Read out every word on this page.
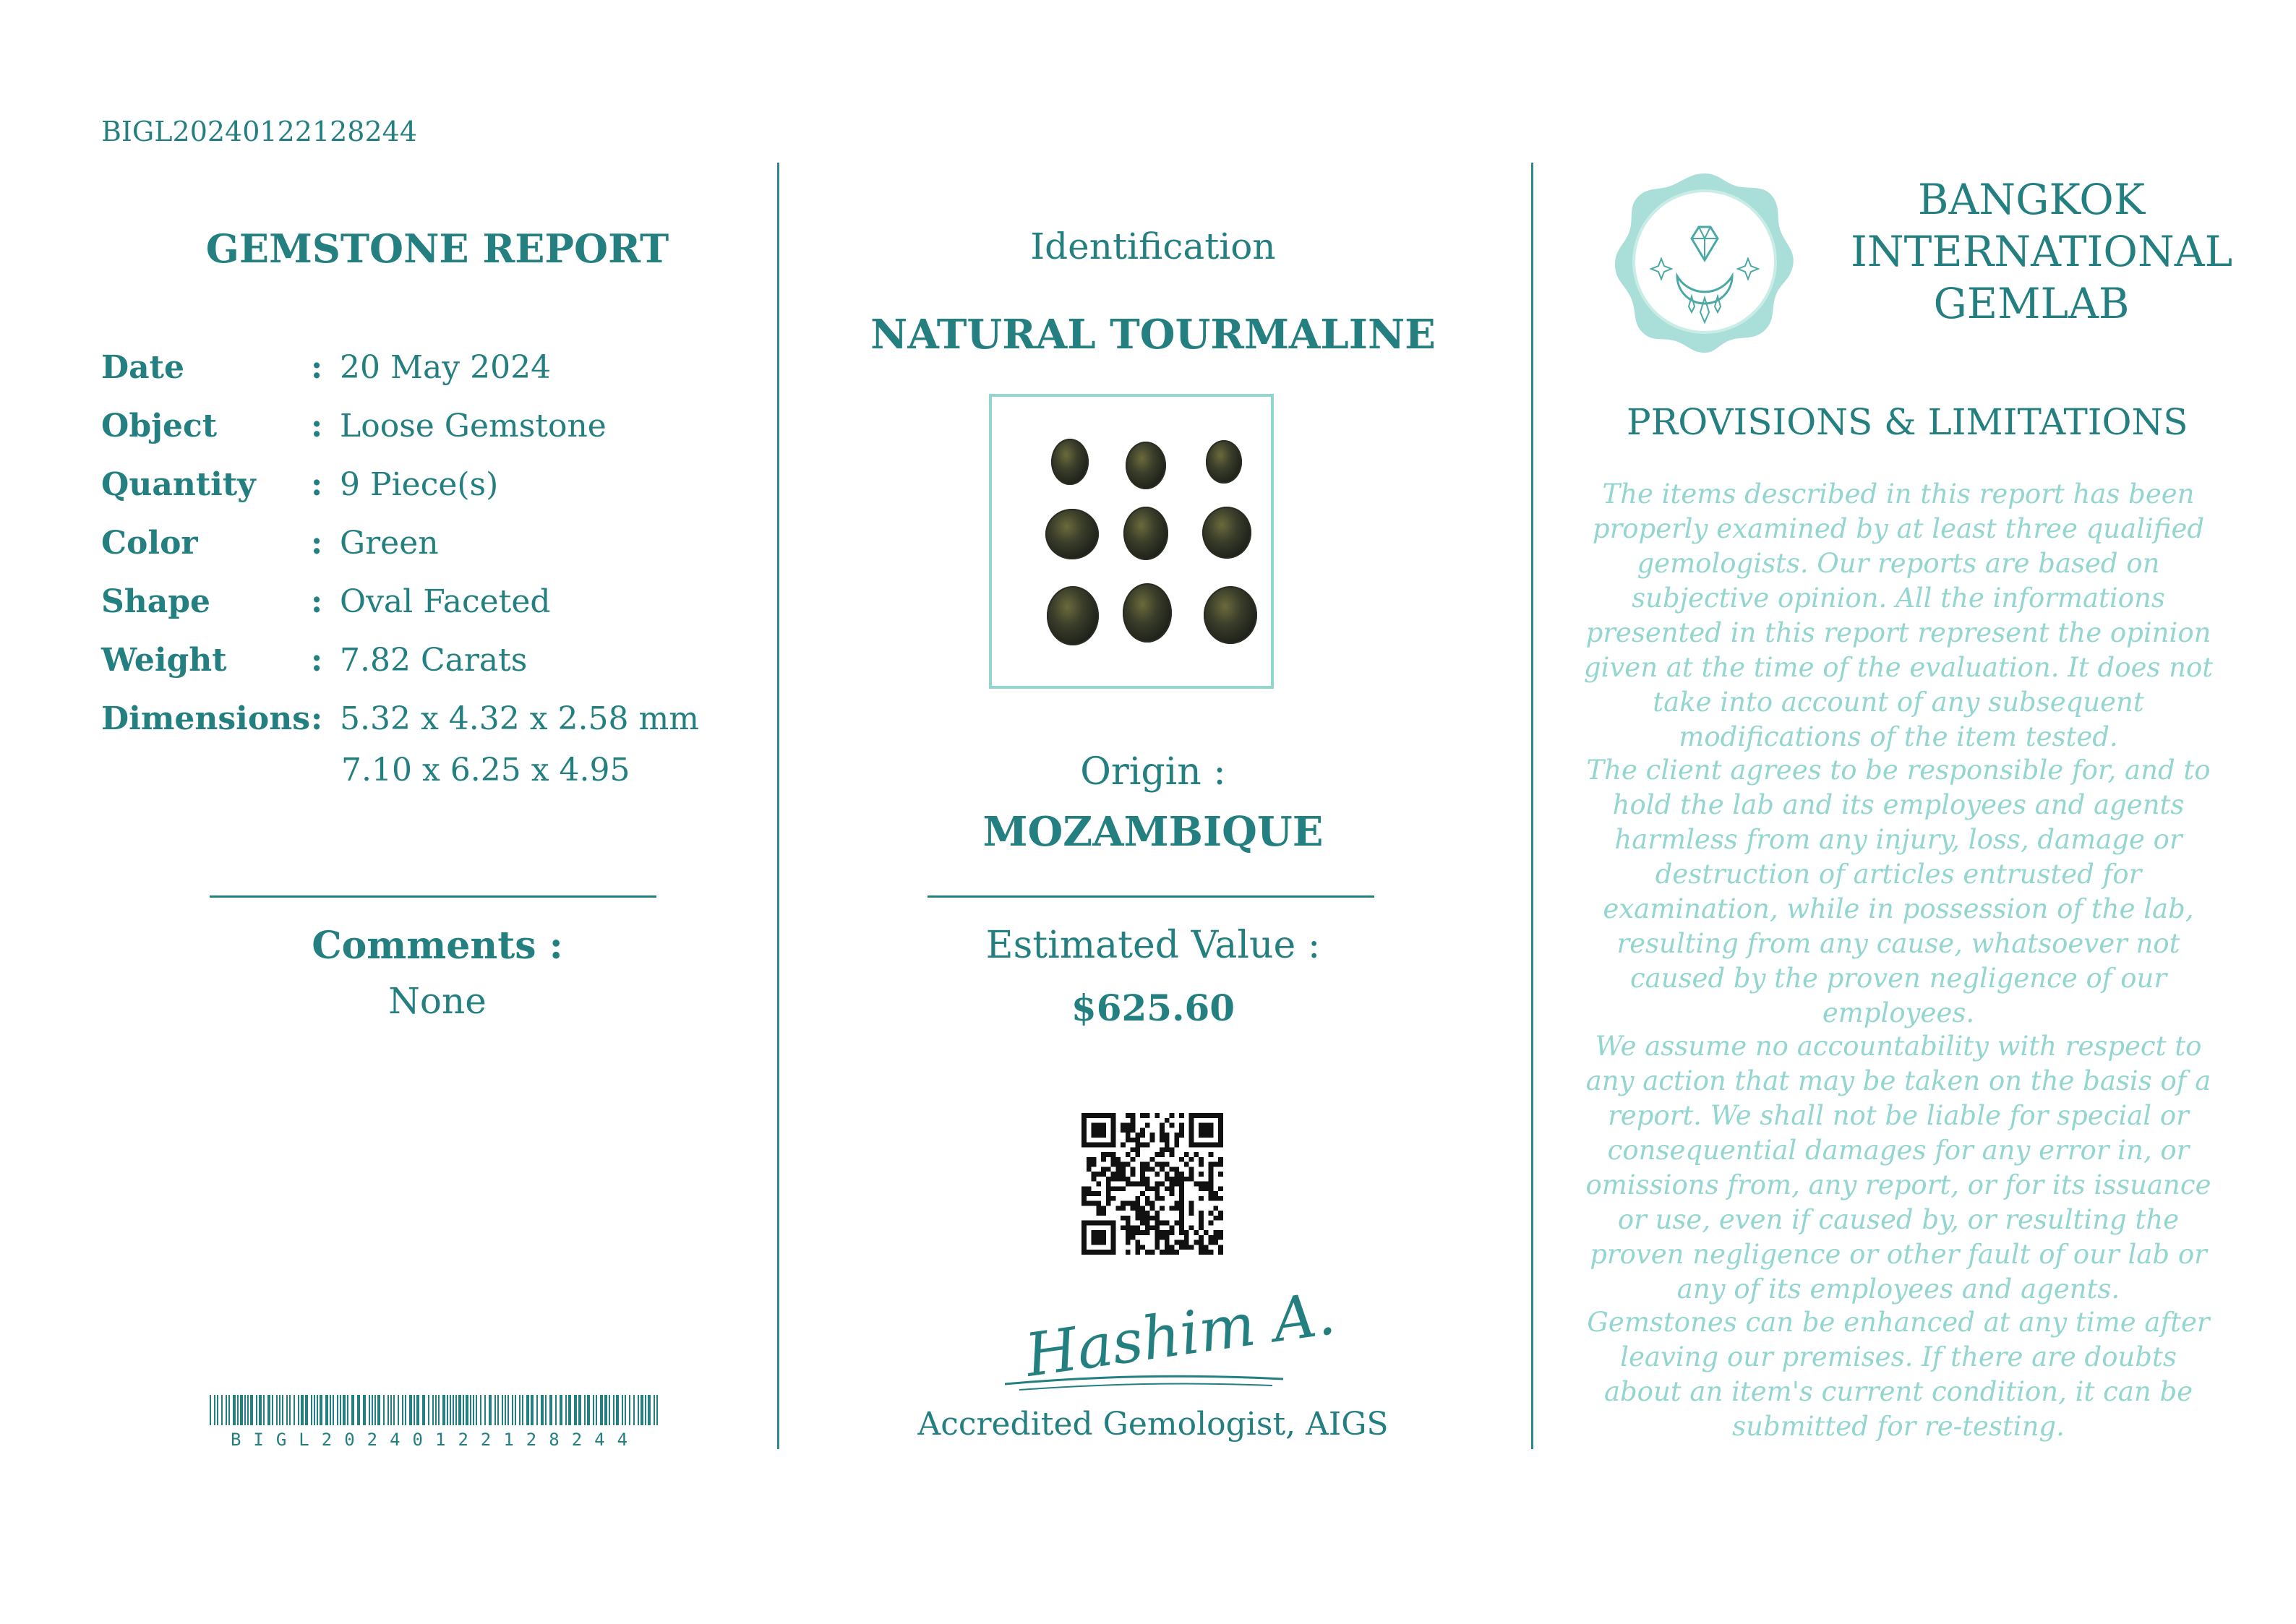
BIGL20240122128244
GEMSTONE REPORT
Date	: 20 May 2024
Object	: Loose Gemstone
Quantity	: 9 Piece(s)
Color	: Green
Shape	: Oval Faceted
Weight	: 7.82 Carats
Dimensions : 5.32 x 4.32 x 2.58 mm
7.10 x 6.25 x 4.95
Comments :
None
BIGL20240122128244
Identification
NATURAL TOURMALINE
Origin :
MOZAMBIQUE
Estimated Value :
$625.60
Hashim A.
Accredited Gemologist, AIGS
BANGKOK
INTERNATIONAL
GEMLAB
PROVISIONS & LIMITATIONS
The items described in this report has been properly examined by at least three qualified gemologists. Our reports are based on subjective opinion. All the informations presented in this report represent the opinion given at the time of the evaluation. It does not take into account of any subsequent modifications of the item tested.
The client agrees to be responsible for, and to hold the lab and its employees and agents harmless from any injury, loss, damage or destruction of articles entrusted for examination, while in possession of the lab, resulting from any cause, whatsoever not caused by the proven negligence of our employees.
We assume no accountability with respect to any action that may be taken on the basis of a report. We shall not be liable for special or consequential damages for any error in, or omissions from, any report, or for its issuance or use, even if caused by, or resulting the proven negligence or other fault of our lab or any of its employees and agents.
Gemstones can be enhanced at any time after leaving our premises. If there are doubts about an item's current condition, it can be submitted for re-testing.
